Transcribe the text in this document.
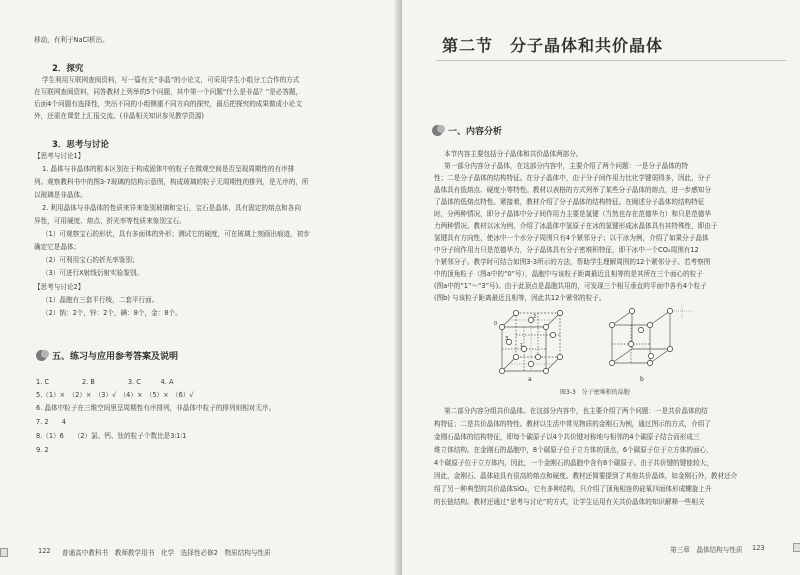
移动，有利于NaCl析出。
2．探究
学生利用互联网查阅资料，写一篇有关“非晶”的小论文，可采用学生小组分工合作的方式
在互联网查阅资料，同答教材上列举的5个问题，其中第一个问题“什么是非晶？”是必答题，
后面4个问题有选择性，突出不同的小组侧重不同方向的探究，最后把探究的成果做成小论文
外，还需在课堂上汇报交流。(非晶相关知识参见教学资源)
3．思考与讨论
【思考与讨论1】
1. 晶体与非晶体的根本区别在于构成固体中的粒子在微观空间是否呈现周期性的有序排
列。观察教科书中的图3-7玻璃的结构示意图，构成玻璃的粒子无周期性的排列，是无序的，所
以玻璃是非晶体。
2. 利用晶体与非晶体的性质来异来鉴别玻璃和宝石，宝石是晶体，具有固定的熔点和各向
异性，可用硬度、熔点、折光率等性质来鉴别宝石。
（1）可观察宝石的形状，具有多面体的外形；测试它的硬度，可在玻璃上刻画出痕迹，初步
确定它是晶体；
（2）可利用宝石的折光率鉴别；
（3）可进行X射线衍射实验鉴别。
【思考与讨论2】
（1）晶胞有三套平行棱，二套平行面。
（2）钠：2个，锌：2个，碘：8个，金：8个。
五、练习与应用参考答案及说明
1. C　　　　　2. B　　　　　3. C　　　4. A
5.（1）×　（2）×　（3）√　（4）×　（5）×　（6）√
6. 晶体中粒子在三维空间里呈周期性有序排列，非晶体中粒子的排列则相对无序。
7. 2　　4
8.（1）6　　（2）氯、钙、钛的粒子个数比是3∶1∶1
9. 2
122 普通高中教科书　教师教学用书　化学　选择性必修2　物质结构与性质
第二节　分子晶体和共价晶体
一、内容分析
本节内容主要包括分子晶体和共价晶体两部分。
第一部分内容分子晶体，在这部分内容中，主要介绍了两个问题：一是分子晶体的特
性；二是分子晶体的结构特征。在分子晶体中，由于分子间作用力比化学键弱得多，因此，分子
晶体具有低熔点、硬度小等特性。教材以表格的方式列举了某些分子晶体的熔点，进一步感知分
了晶体的低熔点特性。紧接着，教材介绍了分子晶体的结构特征。在阐述分子晶体的结构特征
时，分两种情况，即分子晶体中分子间作用力主要是氢键（当然也存在范德华力）和只是范德华
力两种情况。教材以冰为例，介绍了冰晶体中氢原子在冰的氢键形成冰晶体具有其特殊性，即由于
氢键具有方向性，使冰中一个水分子周围只有4个紧邻分子；以干冰为例，介绍了如果分子晶体
中分子间作用力只是范德华力，分子晶体具有分子密堆积特征，即干冰中一个CO₂周围有12
个紧邻分子。教学时可结合如图3-3所示的方法，帮助学生理解周围的12个紧邻分子。若考察图
中的顶角粒子（图a中的“0”号），晶胞中与该粒子距离最近且相等的是其所在三个面心的粒子
(图a中的“1”～“3”号)。由于此顶点是晶胞共用的，可发现三个相互垂直的平面中各有4个粒子
(图b) 与该粒子距离最近且相等，因此共12个紧邻的粒子。
0
1
2
3
a	b
图3-3　分子密堆积的晶胞
第二部分内容分组共价晶体。在这部分内容中，也主要介绍了两个问题：一是共价晶体的结
构特征；二是共价晶体的特性。教材以生活中常见物质的金刚石为例，通过图示的方式，介绍了
金刚石晶体的结构特征，即每个碳原子以4个共价键对称地与相邻的4个碳原子结合而形成三
维立体结构。在金刚石的晶胞中，8个碳原子位于立方体的顶点，6个碳原子位于立方体的面心，
4个碳原子位于立方体内，因此，一个金刚石的晶胞中含有8个碳原子。由于共价键的键能较大，
因此，金刚石、晶体硅具有很高的熔点和硬度。教材还简要提到了其他共价晶体，如金刚石外，教材还介
绍了另一种典型的共价晶体SiO₂，它有多种结构，只介绍了顶角相连的硅氧四面体形成螺旋上升
的长链结构。教材还通过“思考与讨论”的方式，让学生运用有关共价晶体的知识解释一些相关
第三章　晶体结构与性质 123
